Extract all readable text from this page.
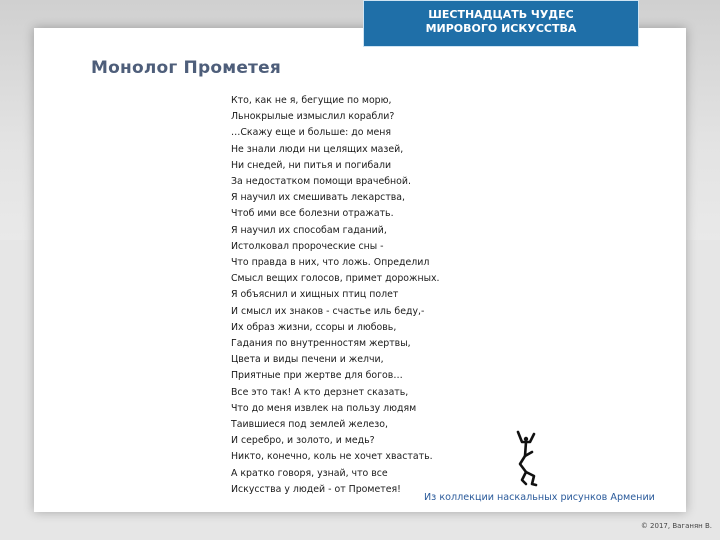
ШЕСТНАДЦАТЬ ЧУДЕС
МИРОВОГО ИСКУССТВА
Монолог Прометея
Кто, как не я, бегущие по морю,
Льнокрылые измыслил корабли?
…Скажу еще и больше: до меня
Не знали люди ни целящих мазей,
Ни снедей, ни питья и погибали
За недостатком помощи врачебной.
Я научил их смешивать лекарства,
Чтоб ими все болезни отражать.
Я научил их способам гаданий,
Истолковал пророческие сны -
Что правда в них, что ложь. Определил
Смысл вещих голосов, примет дорожных.
Я объяснил и хищных птиц полет
И смысл их знаков - счастье иль беду,-
Их образ жизни, ссоры и любовь,
Гадания по внутренностям жертвы,
Цвета и виды печени и желчи,
Приятные при жертве для богов…
Все это так! А кто дерзнет сказать,
Что до меня извлек на пользу людям
Таившиеся под землей железо,
И серебро, и золото, и медь?
Никто, конечно, коль не хочет хвастать.
А кратко говоря, узнай, что все
Искусства у людей - от Прометея!
Из коллекции наскальных рисунков Армении
© 2017, Ваганян В.
